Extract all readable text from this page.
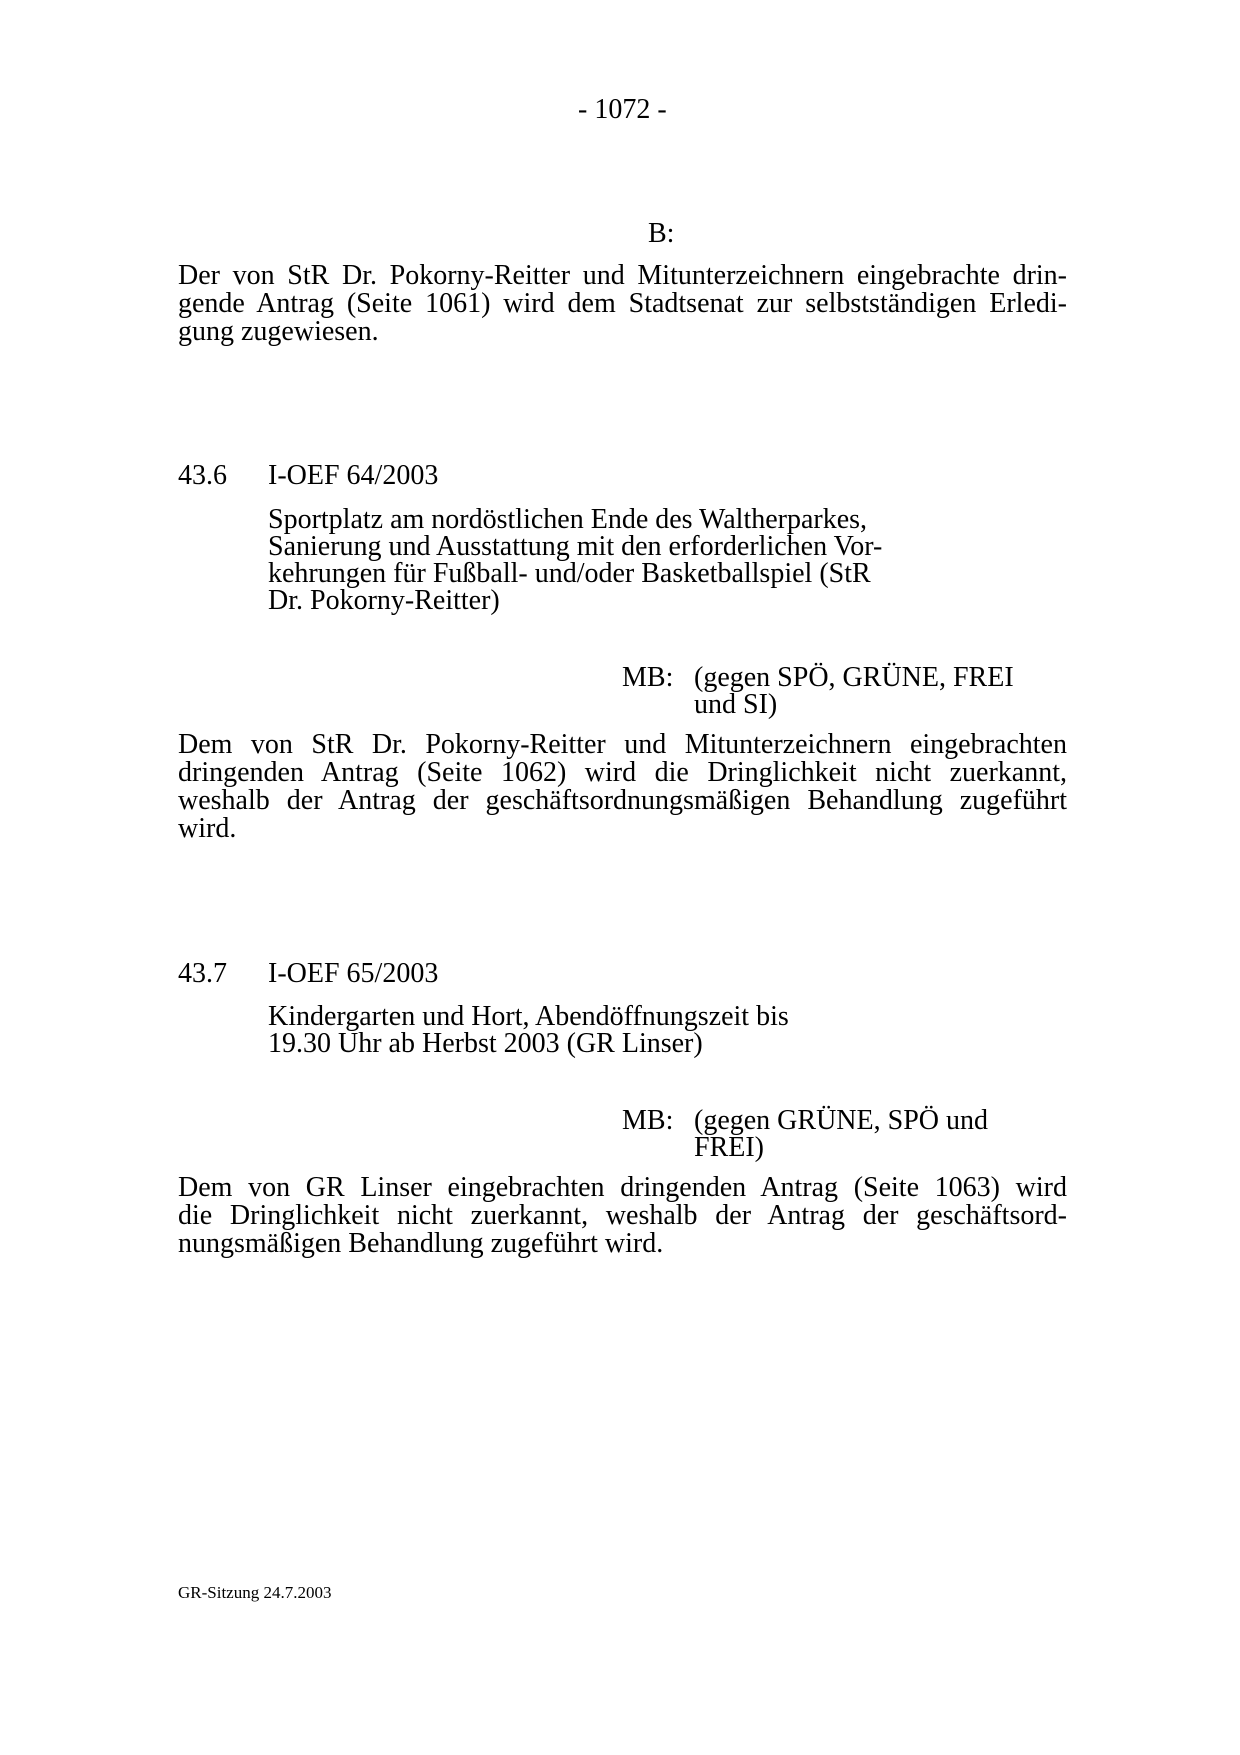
- 1072 -
B:
Der von StR Dr. Pokorny-Reitter und Mitunterzeichnern eingebrachte drin-
gende Antrag (Seite 1061) wird dem Stadtsenat zur selbstständigen Erledi-
gung zugewiesen.
43.6 I-OEF 64/2003
Sportplatz am nordöstlichen Ende des Waltherparkes,
Sanierung und Ausstattung mit den erforderlichen Vor-
kehrungen für Fußball- und/oder Basketballspiel (StR
Dr. Pokorny-Reitter)
MB: (gegen SPÖ, GRÜNE, FREI
und SI)
Dem von StR Dr. Pokorny-Reitter und Mitunterzeichnern eingebrachten
dringenden Antrag (Seite 1062) wird die Dringlichkeit nicht zuerkannt,
weshalb der Antrag der geschäftsordnungsmäßigen Behandlung zugeführt
wird.
43.7 I-OEF 65/2003
Kindergarten und Hort, Abendöffnungszeit bis
19.30 Uhr ab Herbst 2003 (GR Linser)
MB: (gegen GRÜNE, SPÖ und
FREI)
Dem von GR Linser eingebrachten dringenden Antrag (Seite 1063) wird
die Dringlichkeit nicht zuerkannt, weshalb der Antrag der geschäftsord-
nungsmäßigen Behandlung zugeführt wird.
GR-Sitzung 24.7.2003
